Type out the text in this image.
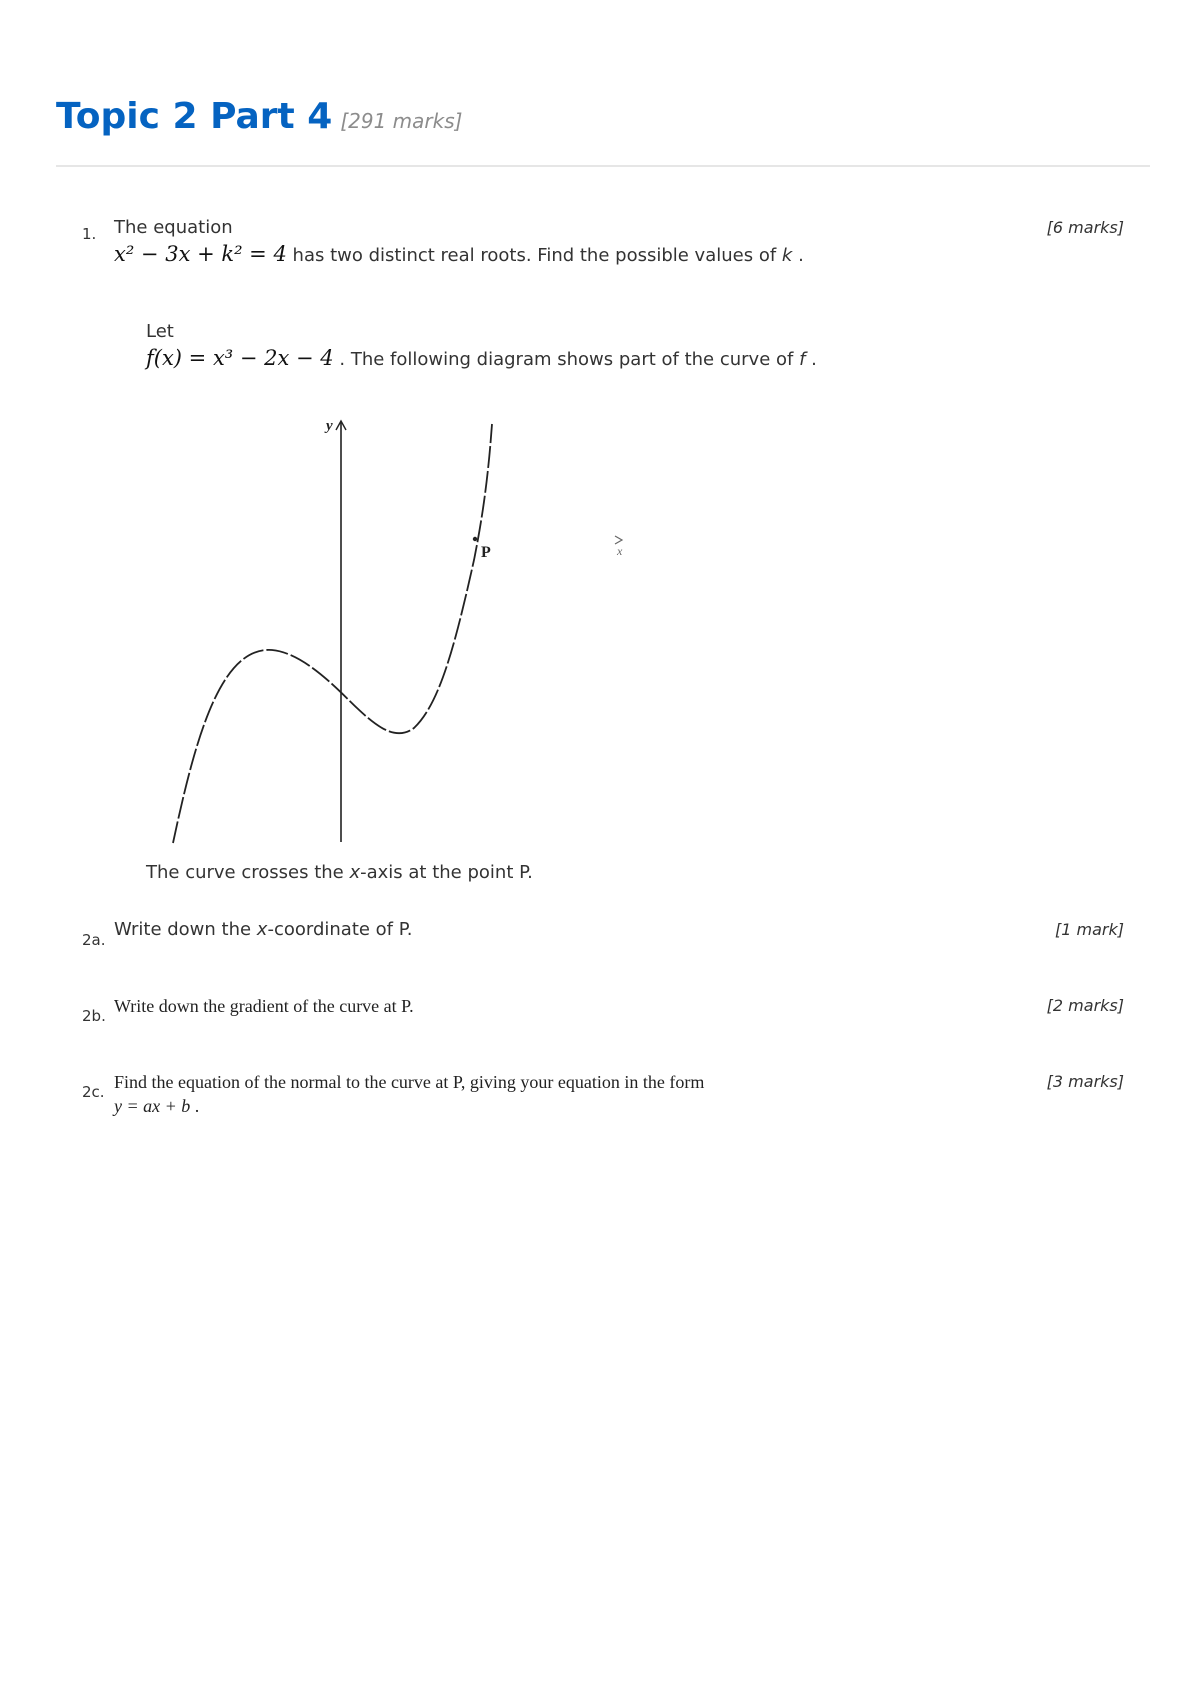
Topic 2 Part 4 [291 marks]
1. The equation
x² − 3x + k² = 4 has two distinct real roots. Find the possible values of k .
[6 marks]
Let
f(x) = x³ − 2x − 4 . The following diagram shows part of the curve of f .
y
P	x
The curve crosses the x-axis at the point P.
2a. Write down the x-coordinate of P.	[1 mark]
2b. Write down the gradient of the curve at P.	[2 marks]
2c. Find the equation of the normal to the curve at P, giving your equation in the form
y = ax + b .
[3 marks]
